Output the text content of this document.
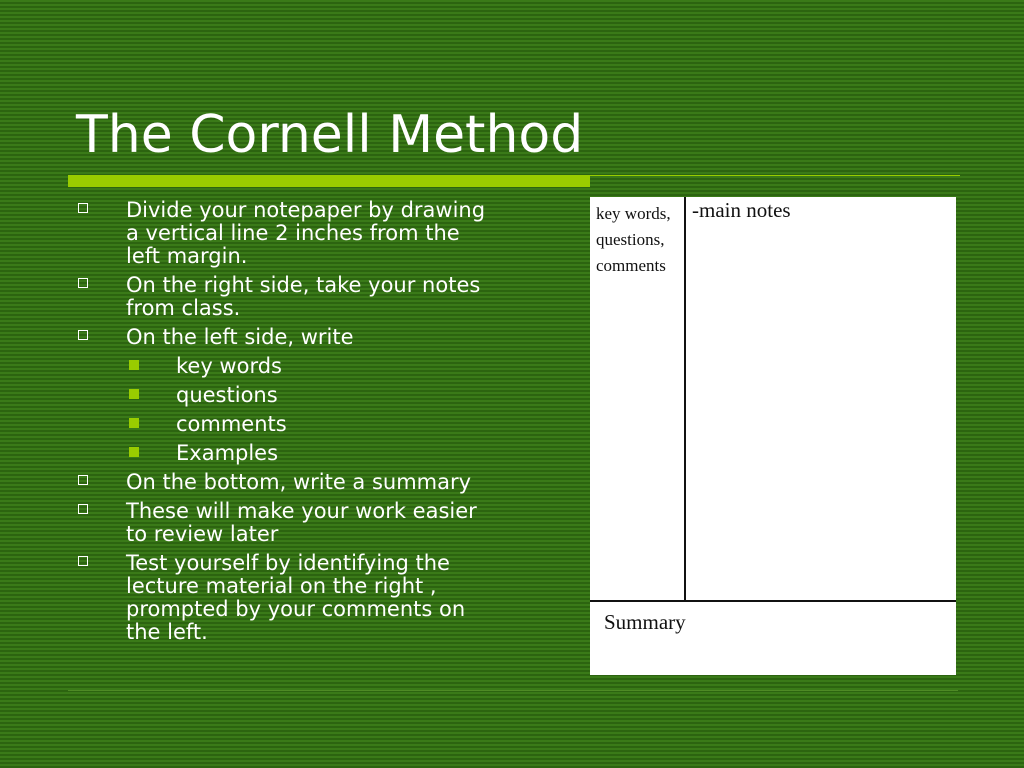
The Cornell Method
Divide your notepaper by drawing a vertical line 2 inches from the left margin.
On the right side, take your notes from class.
On the left side, write
key words
questions
comments
Examples
On the bottom, write a summary
These will make your work easier to review later
Test yourself by identifying the lecture material on the right , prompted by your comments on the left.
key words, questions, comments
-main notes
Summary
